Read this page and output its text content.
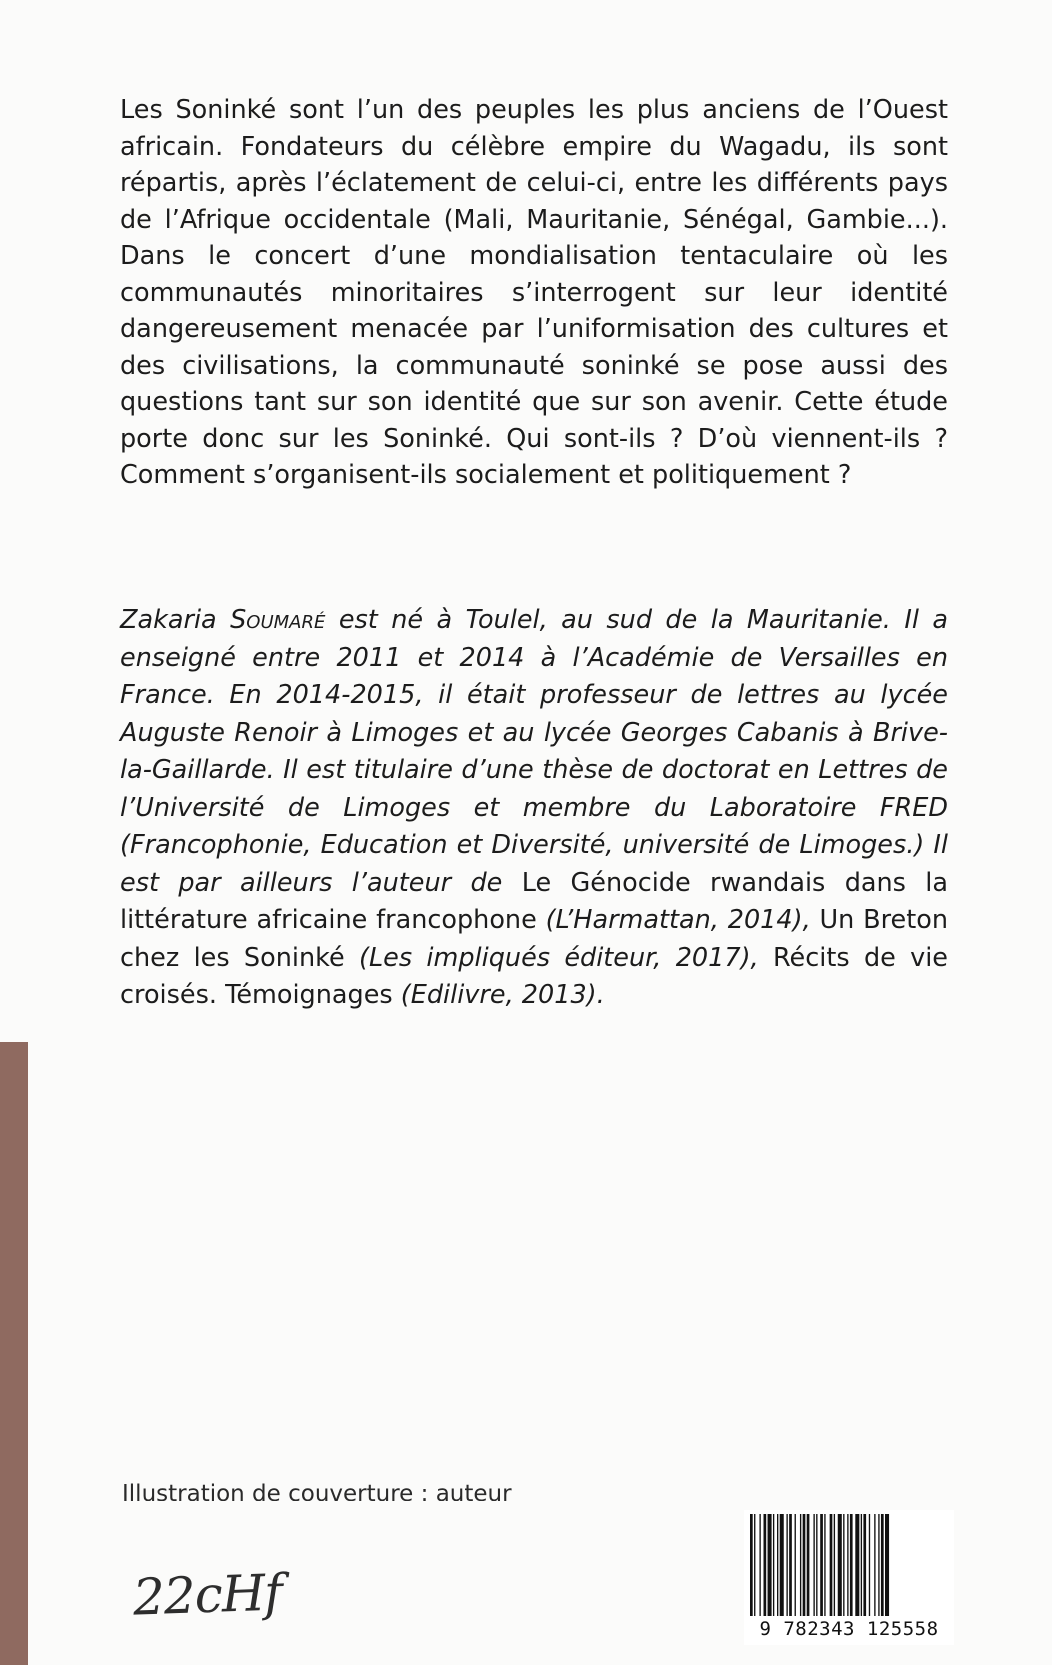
Les Soninké sont l’un des peuples les plus anciens de l’Ouest africain. Fondateurs du célèbre empire du Wagadu, ils sont répartis, après l’éclatement de celui-ci, entre les différents pays de l’Afrique occidentale (Mali, Mauritanie, Sénégal, Gambie...). Dans le concert d’une mondialisation tentaculaire où les communautés minoritaires s’interrogent sur leur identité dangereusement menacée par l’uniformisation des cultures et des civilisations, la communauté soninké se pose aussi des questions tant sur son identité que sur son avenir. Cette étude porte donc sur les Soninké. Qui sont-ils ? D’où viennent-ils ? Comment s’organisent-ils socialement et politiquement ?

Zakaria Soumaré est né à Toulel, au sud de la Mauritanie. Il a enseigné entre 2011 et 2014 à l’Académie de Versailles en France. En 2014-2015, il était professeur de lettres au lycée Auguste Renoir à Limoges et au lycée Georges Cabanis à Brive-la-Gaillarde. Il est titulaire d’une thèse de doctorat en Lettres de l’Université de Limoges et membre du Laboratoire FRED (Francophonie, Education et Diversité, université de Limoges.) Il est par ailleurs l’auteur de Le Génocide rwandais dans la littérature africaine francophone (L’Harmattan, 2014), Un Breton chez les Soninké (Les impliqués éditeur, 2017), Récits de vie croisés. Témoignages (Edilivre, 2013).

Illustration de couverture : auteur
22cHf
9 782343 125558
